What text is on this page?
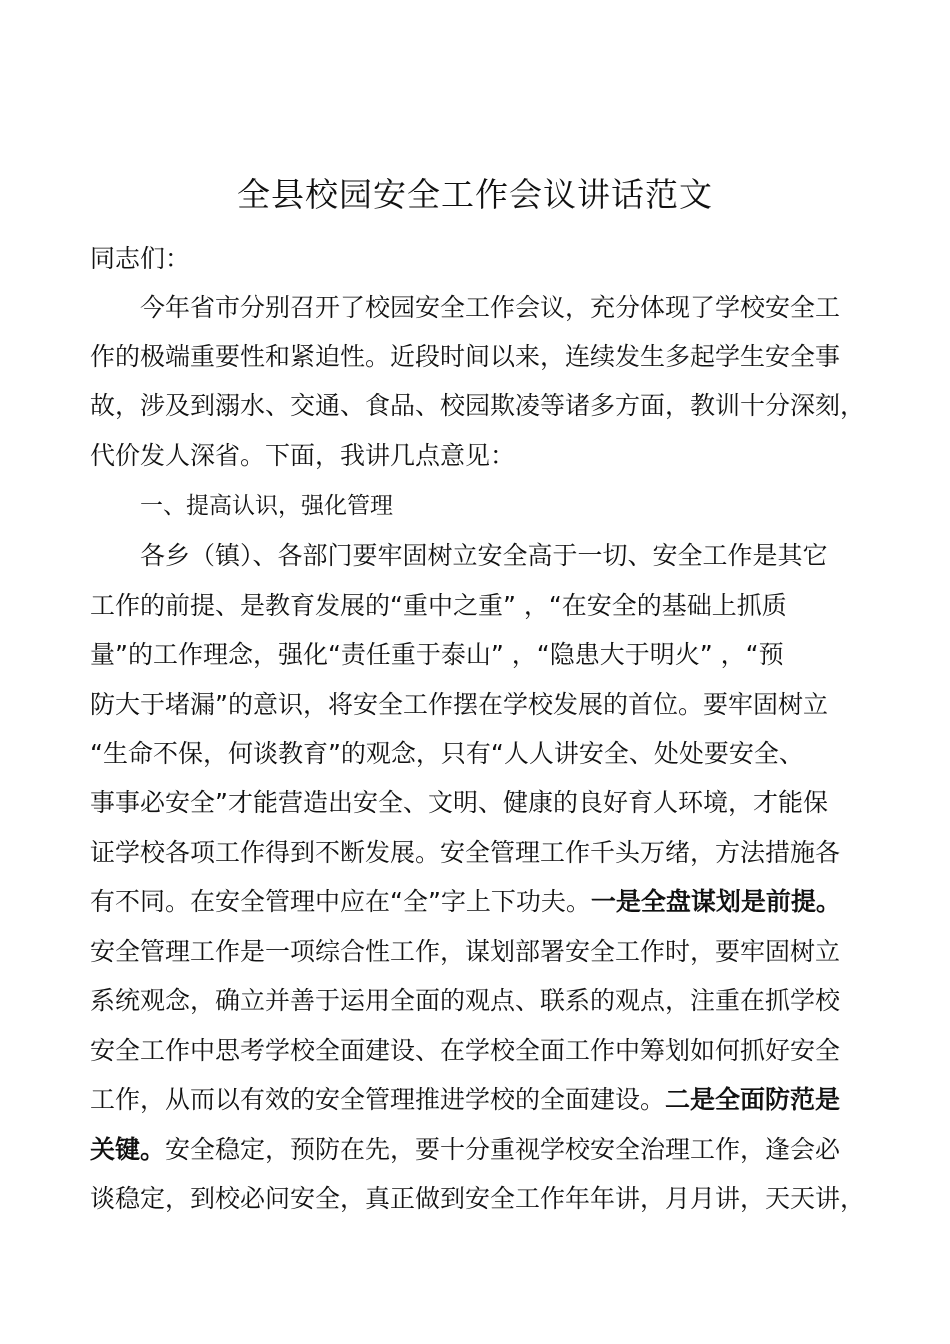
全县校园安全工作会议讲话范文
同志们：
今年省市分别召开了校园安全工作会议，充分体现了学校安全工
作的极端重要性和紧迫性。近段时间以来，连续发生多起学生安全事
故，涉及到溺水、交通、食品、校园欺凌等诸多方面，教训十分深刻，
代价发人深省。下面，我讲几点意见：
一、提高认识，强化管理
各乡（镇）、各部门要牢固树立安全高于一切、安全工作是其它
工作的前提、是教育发展的“重中之重” ，“在安全的基础上抓质
量”的工作理念，强化“责任重于泰山” ，“隐患大于明火” ，“预
防大于堵漏”的意识，将安全工作摆在学校发展的首位。要牢固树立
“生命不保，何谈教育”的观念，只有“人人讲安全、处处要安全、
事事必安全”才能营造出安全、文明、健康的良好育人环境，才能保
证学校各项工作得到不断发展。安全管理工作千头万绪，方法措施各
有不同。在安全管理中应在“全”字上下功夫。一是全盘谋划是前提。
安全管理工作是一项综合性工作，谋划部署安全工作时，要牢固树立
系统观念，确立并善于运用全面的观点、联系的观点，注重在抓学校
安全工作中思考学校全面建设、在学校全面工作中筹划如何抓好安全
工作，从而以有效的安全管理推进学校的全面建设。二是全面防范是
关键。安全稳定，预防在先，要十分重视学校安全治理工作，逢会必
谈稳定，到校必问安全，真正做到安全工作年年讲，月月讲，天天讲，
